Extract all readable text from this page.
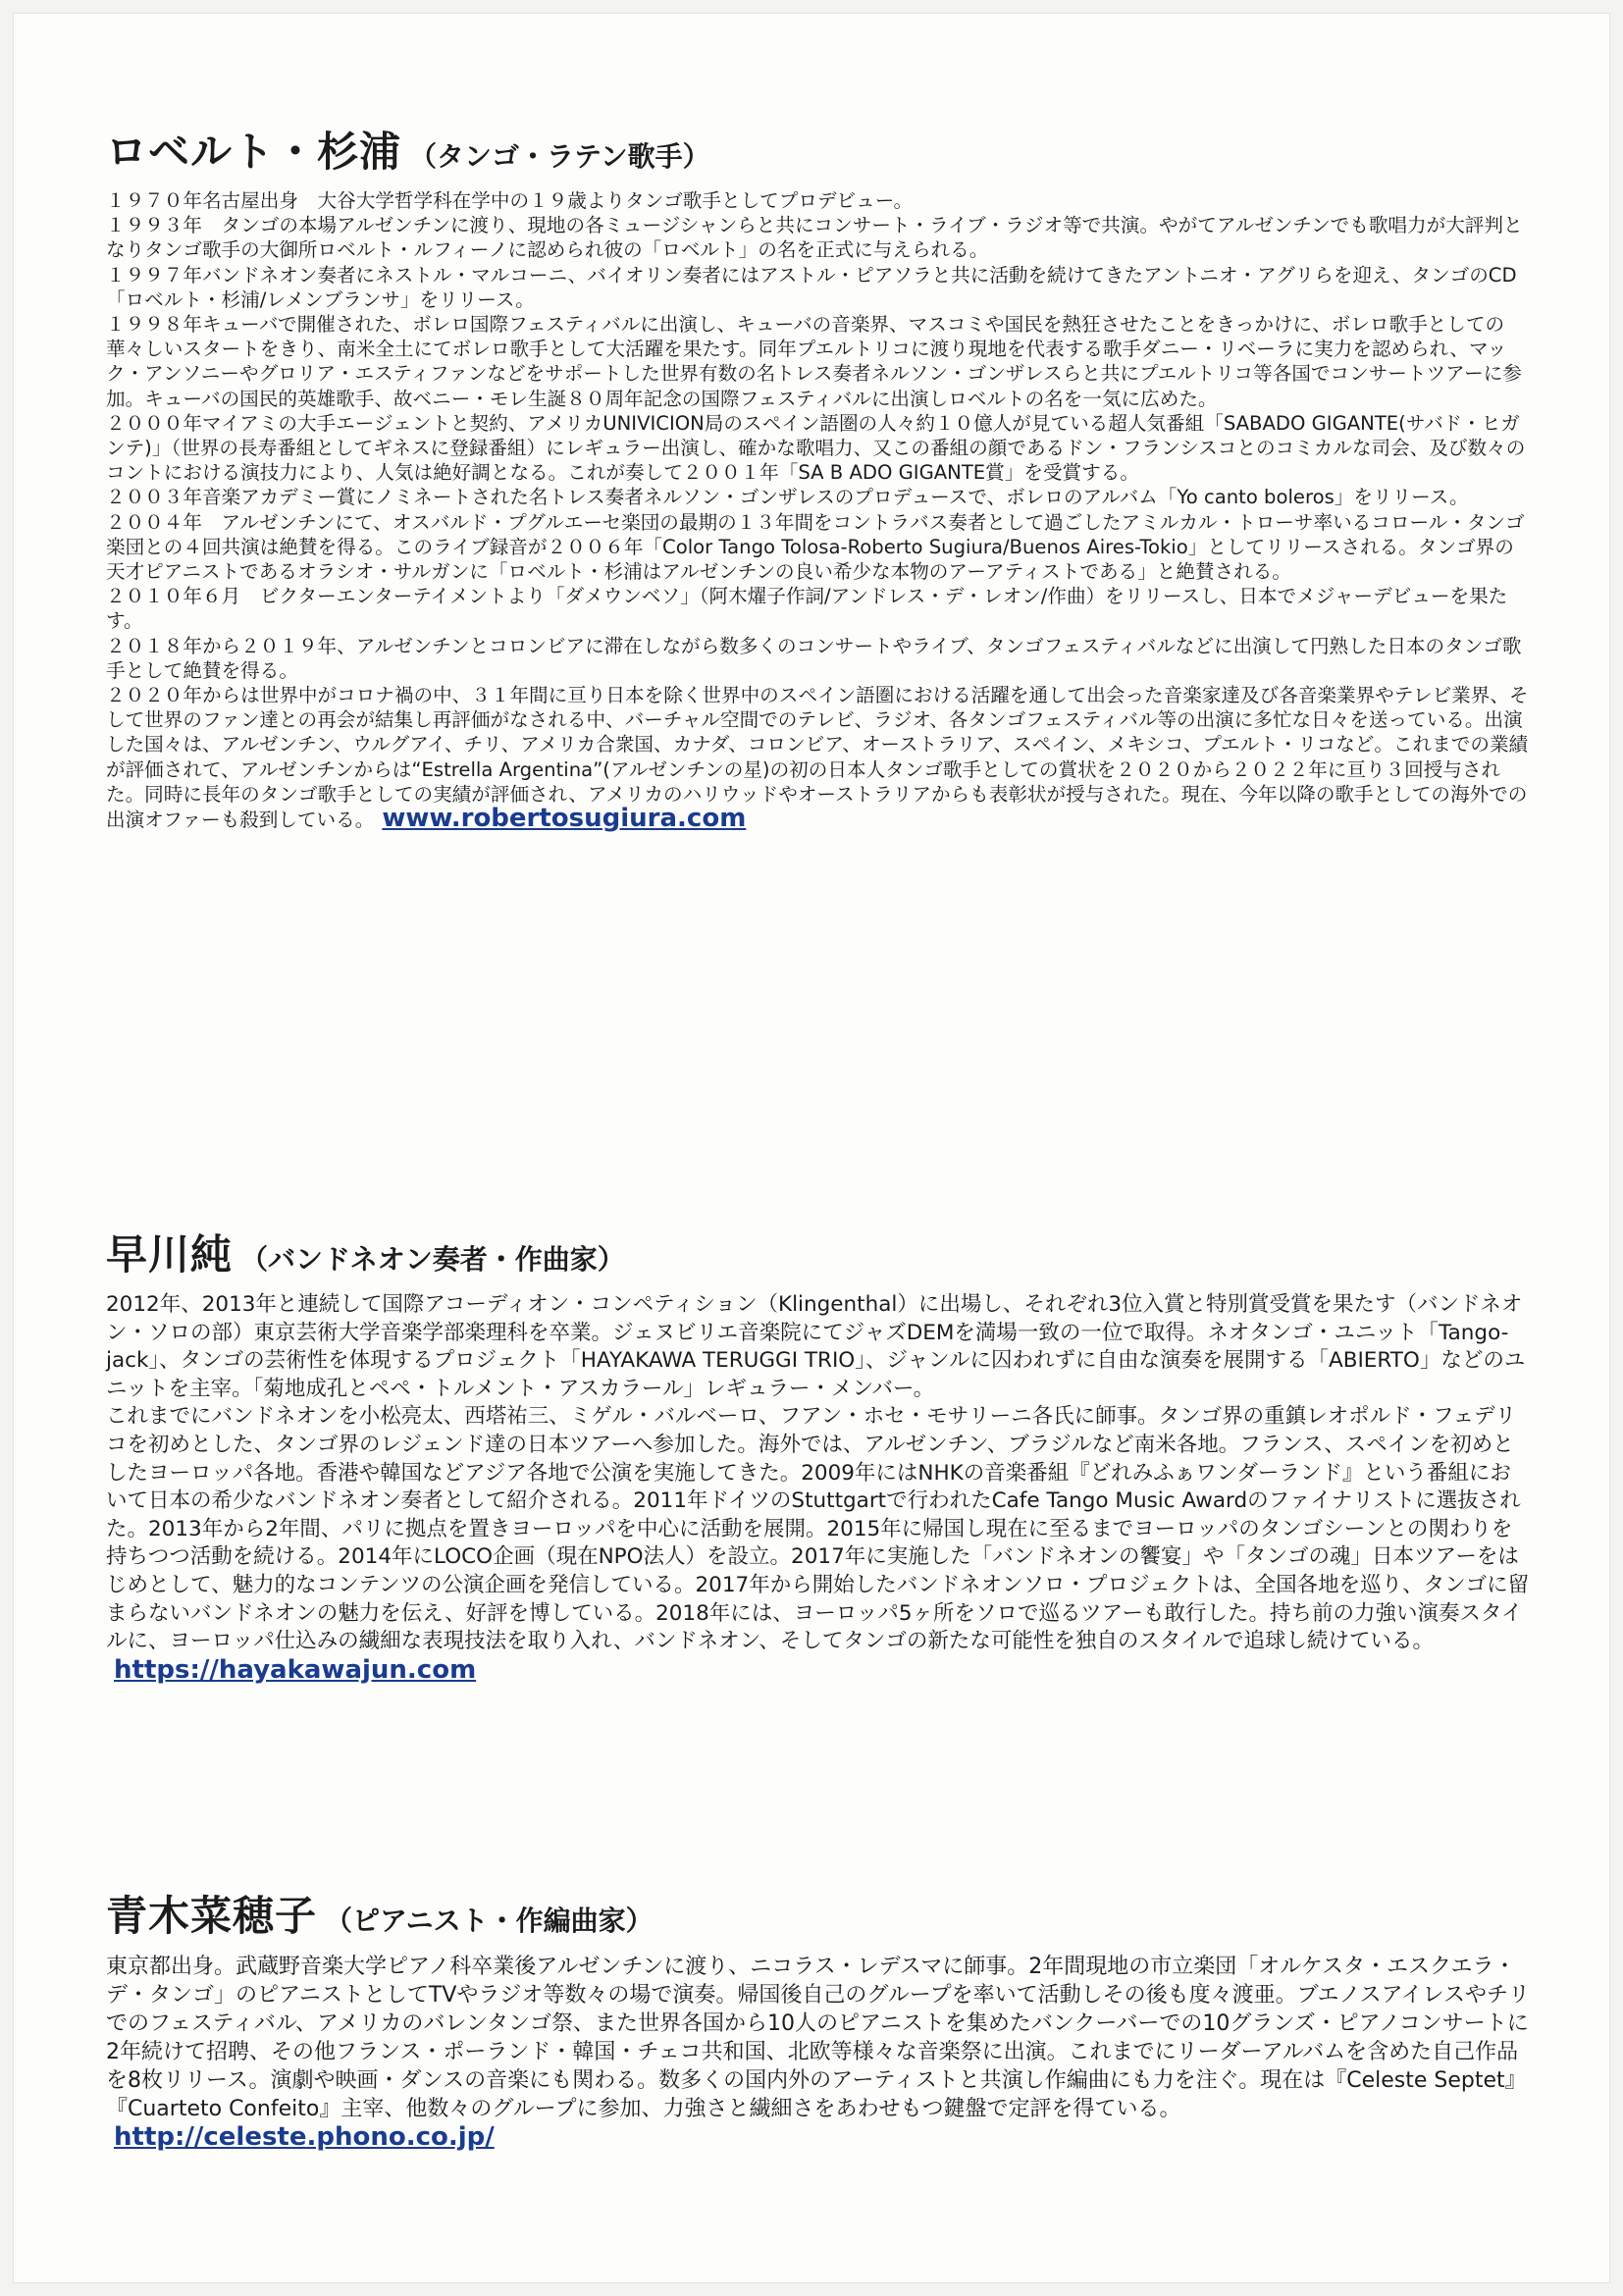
ロベルト・杉浦 （タンゴ・ラテン歌手）

１９７０年名古屋出身　大谷大学哲学科在学中の１９歳よりタンゴ歌手としてプロデビュー。

１９９３年　タンゴの本場アルゼンチンに渡り、現地の各ミュージシャンらと共にコンサート・ライブ・ラジオ等で共演。やがてアルゼンチンでも歌唱力が大評判となりタンゴ歌手の大御所ロベルト・ルフィーノに認められ彼の「ロベルト」の名を正式に与えられる。

１９９７年バンドネオン奏者にネストル・マルコーニ、バイオリン奏者にはアストル・ピアソラと共に活動を続けてきたアントニオ・アグリらを迎え、タンゴのCD「ロベルト・杉浦/レメンブランサ」をリリース。

１９９８年キューバで開催された、ボレロ国際フェスティバルに出演し、キューバの音楽界、マスコミや国民を熱狂させたことをきっかけに、ボレロ歌手としての華々しいスタートをきり、南米全土にてボレロ歌手として大活躍を果たす。同年プエルトリコに渡り現地を代表する歌手ダニー・リベーラに実力を認められ、マック・アンソニーやグロリア・エスティファンなどをサポートした世界有数の名トレス奏者ネルソン・ゴンザレスらと共にプエルトリコ等各国でコンサートツアーに参加。キューバの国民的英雄歌手、故ベニー・モレ生誕８０周年記念の国際フェスティバルに出演しロベルトの名を一気に広めた。

２０００年マイアミの大手エージェントと契約、アメリカUNIVICION局のスペイン語圏の人々約１０億人が見ている超人気番組「SABADO GIGANTE(サバド・ヒガンテ)」（世界の長寿番組としてギネスに登録番組）にレギュラー出演し、確かな歌唱力、又この番組の顔であるドン・フランシスコとのコミカルな司会、及び数々のコントにおける演技力により、人気は絶好調となる。これが奏して２００１年「SA B ADO GIGANTE賞」を受賞する。

２００３年音楽アカデミー賞にノミネートされた名トレス奏者ネルソン・ゴンザレスのプロデュースで、ボレロのアルバム「Yo canto boleros」をリリース。

２００４年　アルゼンチンにて、オスバルド・プグルエーセ楽団の最期の１３年間をコントラバス奏者として過ごしたアミルカル・トローサ率いるコロール・タンゴ楽団との４回共演は絶賛を得る。このライブ録音が２００６年「Color Tango Tolosa-Roberto Sugiura/Buenos Aires-Tokio」としてリリースされる。タンゴ界の天才ピアニストであるオラシオ・サルガンに「ロベルト・杉浦はアルゼンチンの良い希少な本物のアーアティストである」と絶賛される。

２０１０年６月　ビクターエンターテイメントより「ダメウンベソ」（阿木燿子作詞/アンドレス・デ・レオン/作曲）をリリースし、日本でメジャーデビューを果たす。

２０１８年から２０１９年、アルゼンチンとコロンビアに滞在しながら数多くのコンサートやライブ、タンゴフェスティバルなどに出演して円熟した日本のタンゴ歌手として絶賛を得る。

２０２０年からは世界中がコロナ禍の中、３１年間に亘り日本を除く世界中のスペイン語圏における活躍を通して出会った音楽家達及び各音楽業界やテレビ業界、そして世界のファン達との再会が結集し再評価がなされる中、バーチャル空間でのテレビ、ラジオ、各タンゴフェスティバル等の出演に多忙な日々を送っている。出演した国々は、アルゼンチン、ウルグアイ、チリ、アメリカ合衆国、カナダ、コロンビア、オーストラリア、スペイン、メキシコ、プエルト・リコなど。これまでの業績が評価されて、アルゼンチンからは“Estrella Argentina”(アルゼンチンの星)の初の日本人タンゴ歌手としての賞状を２０２０から２０２２年に亘り３回授与された。同時に長年のタンゴ歌手としての実績が評価され、アメリカのハリウッドやオーストラリアからも表彰状が授与された。現在、今年以降の歌手としての海外での出演オファーも殺到している。 www.robertosugiura.com

早川純 （バンドネオン奏者・作曲家）

2012年、2013年と連続して国際アコーディオン・コンペティション（Klingenthal）に出場し、それぞれ3位入賞と特別賞受賞を果たす（バンドネオン・ソロの部）東京芸術大学音楽学部楽理科を卒業。ジェヌビリエ音楽院にてジャズDEMを満場一致の一位で取得。ネオタンゴ・ユニット「Tango-jack」、タンゴの芸術性を体現するプロジェクト「HAYAKAWA TERUGGI TRIO」、ジャンルに囚われずに自由な演奏を展開する「ABIERTO」などのユニットを主宰。「菊地成孔とペペ・トルメント・アスカラール」レギュラー・メンバー。

これまでにバンドネオンを小松亮太、西塔祐三、ミゲル・バルベーロ、フアン・ホセ・モサリーニ各氏に師事。タンゴ界の重鎮レオポルド・フェデリコを初めとした、タンゴ界のレジェンド達の日本ツアーへ参加した。海外では、アルゼンチン、ブラジルなど南米各地。フランス、スペインを初めとしたヨーロッパ各地。香港や韓国などアジア各地で公演を実施してきた。2009年にはNHKの音楽番組『どれみふぁワンダーランド』という番組において日本の希少なバンドネオン奏者として紹介される。2011年ドイツのStuttgartで行われたCafe Tango Music Awardのファイナリストに選抜された。2013年から2年間、パリに拠点を置きヨーロッパを中心に活動を展開。2015年に帰国し現在に至るまでヨーロッパのタンゴシーンとの関わりを持ちつつ活動を続ける。2014年にLOCO企画（現在NPO法人）を設立。2017年に実施した「バンドネオンの饗宴」や「タンゴの魂」日本ツアーをはじめとして、魅力的なコンテンツの公演企画を発信している。2017年から開始したバンドネオンソロ・プロジェクトは、全国各地を巡り、タンゴに留まらないバンドネオンの魅力を伝え、好評を博している。2018年には、ヨーロッパ5ヶ所をソロで巡るツアーも敢行した。持ち前の力強い演奏スタイルに、ヨーロッパ仕込みの繊細な表現技法を取り入れ、バンドネオン、そしてタンゴの新たな可能性を独自のスタイルで追球し続けている。https://hayakawajun.com

青木菜穂子 （ピアニスト・作編曲家）

東京都出身。武蔵野音楽大学ピアノ科卒業後アルゼンチンに渡り、ニコラス・レデスマに師事。2年間現地の市立楽団「オルケスタ・エスクエラ・デ・タンゴ」のピアニストとしてTVやラジオ等数々の場で演奏。帰国後自己のグループを率いて活動しその後も度々渡亜。ブエノスアイレスやチリでのフェスティバル、アメリカのバレンタンゴ祭、また世界各国から10人のピアニストを集めたバンクーバーでの10グランズ・ピアノコンサートに2年続けて招聘、その他フランス・ポーランド・韓国・チェコ共和国、北欧等様々な音楽祭に出演。これまでにリーダーアルバムを含めた自己作品を8枚リリース。演劇や映画・ダンスの音楽にも関わる。数多くの国内外のアーティストと共演し作編曲にも力を注ぐ。現在は『Celeste Septet』『Cuarteto Confeito』主宰、他数々のグループに参加、力強さと繊細さをあわせもつ鍵盤で定評を得ている。http://celeste.phono.co.jp/
